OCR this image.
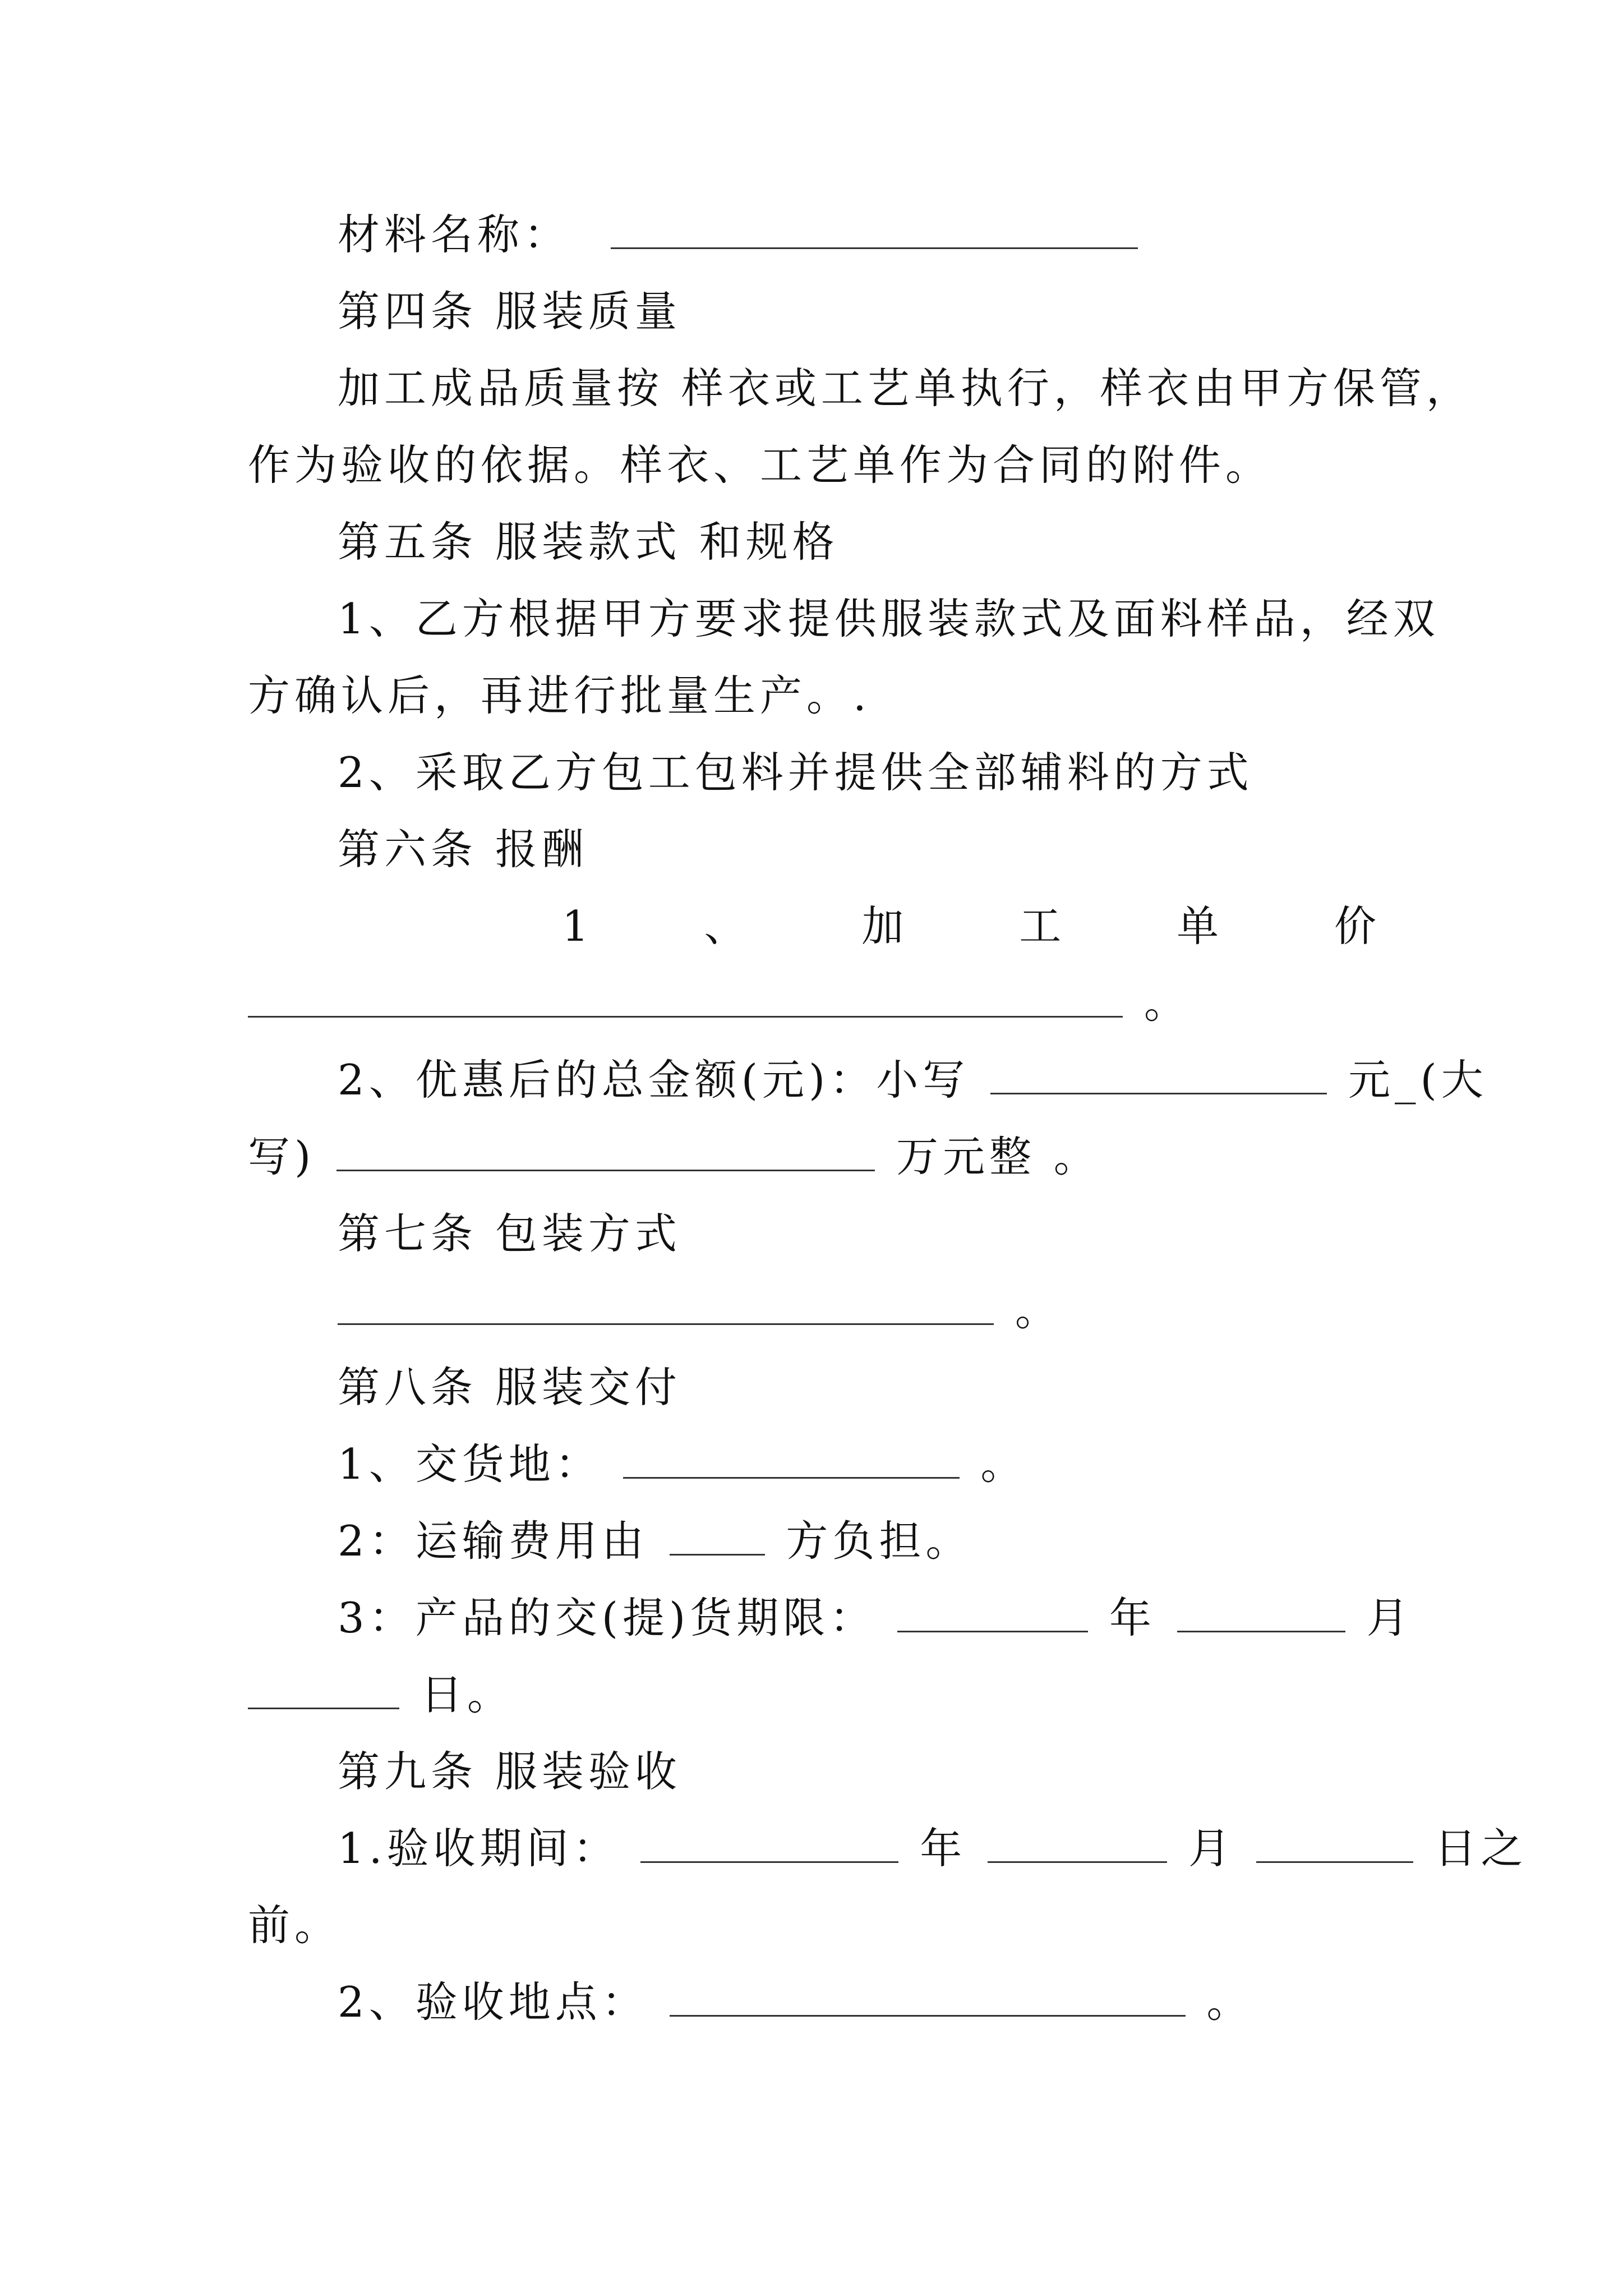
材料名称：

第四条 服装质量

加工成品质量按 样衣或工艺单执行，样衣由甲方保管，

作为验收的依据。样衣、工艺单作为合同的附件。

第五条 服装款式 和规格

1、乙方根据甲方要求提供服装款式及面料样品，经双

方确认后，再进行批量生产。.

2、采取乙方包工包料并提供全部辅料的方式

第六条 报酬

1	、	加	工	单	价

。

2、优惠后的总金额(元)：小写	元_(大

写)	万元整 。

第七条 包装方式

。

第八条 服装交付

1、交货地：	。

2：运输费用由	方负担。

3：产品的交(提)货期限：	年	月

日。

第九条 服装验收

1.验收期间：	年	月	日之

前。

2、验收地点：	。
